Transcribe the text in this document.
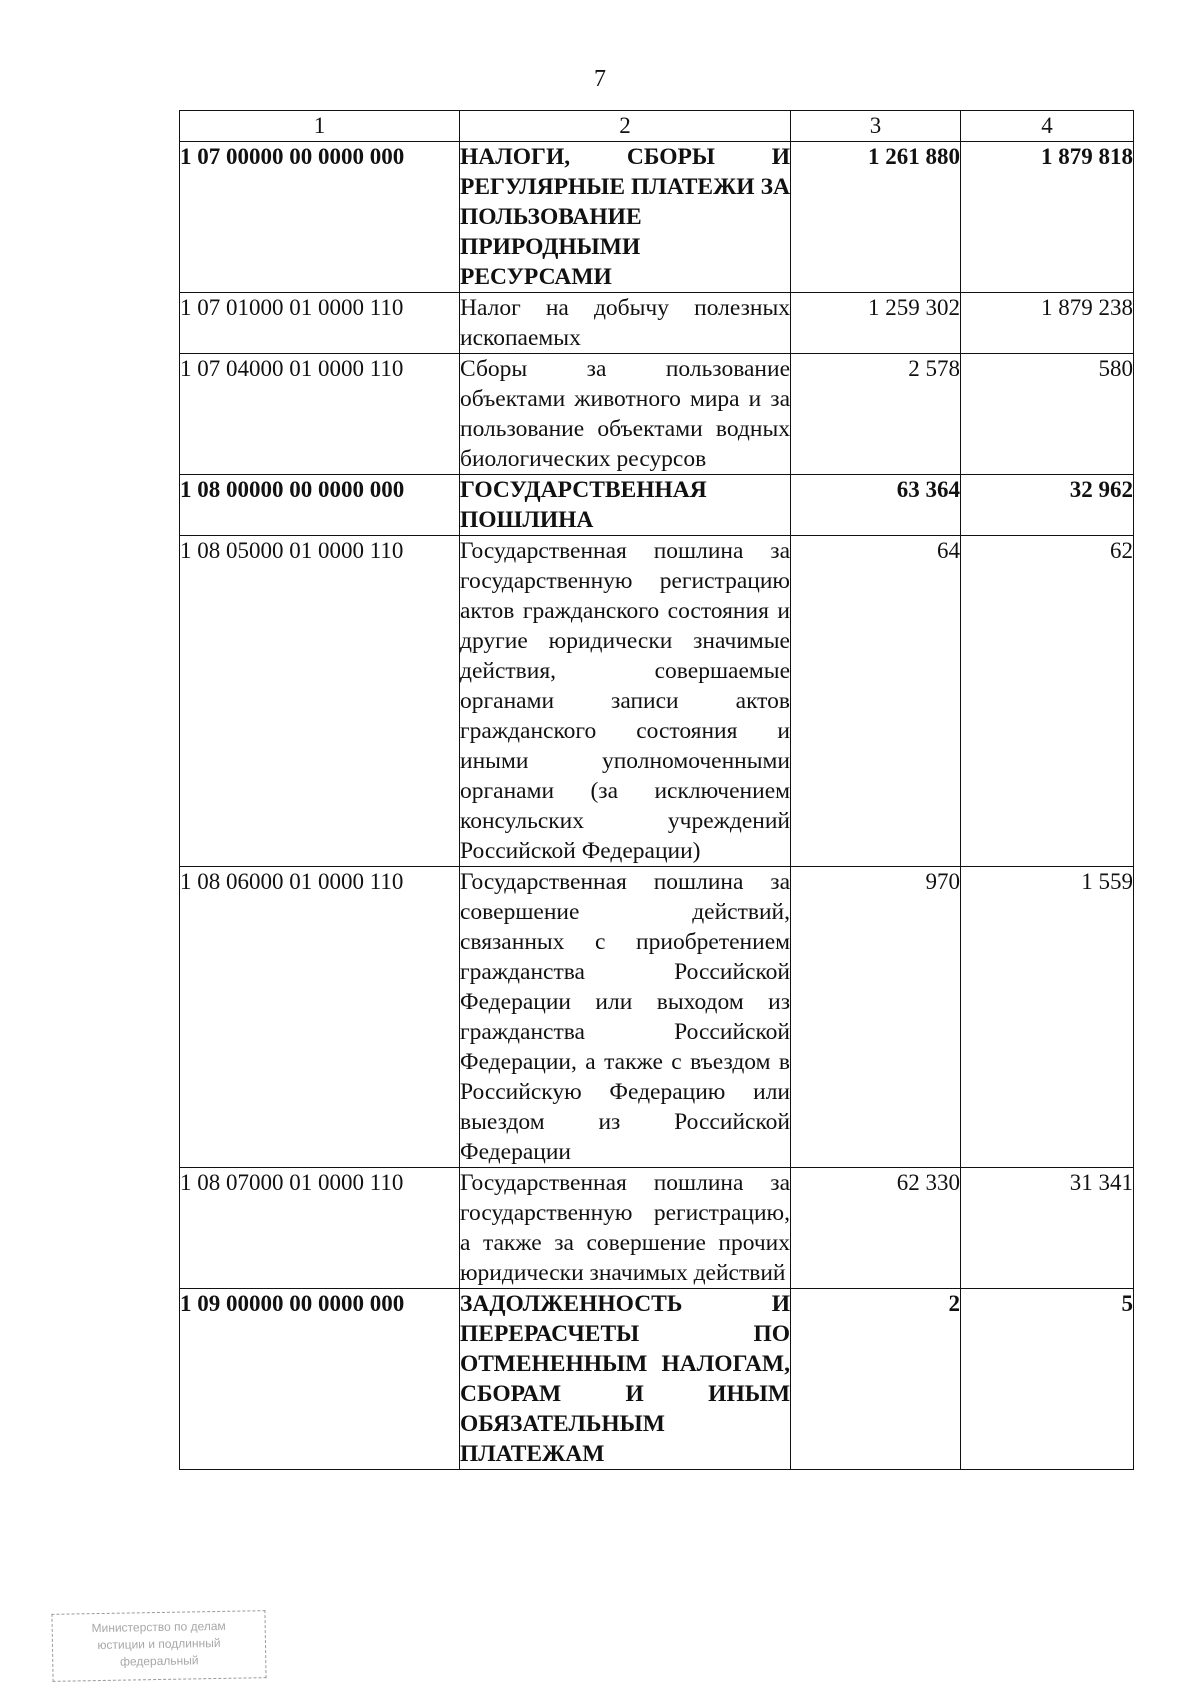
7
1	2	3	4
1 07 00000 00 0000 000	НАЛОГИ, СБОРЫ И РЕГУЛЯРНЫЕ ПЛАТЕЖИ ЗА ПОЛЬЗОВАНИЕ ПРИРОДНЫМИ РЕСУРСАМИ	1 261 880	1 879 818
1 07 01000 01 0000 110	Налог на добычу полезных ископаемых	1 259 302	1 879 238
1 07 04000 01 0000 110	Сборы за пользование объектами животного мира и за пользование объектами водных биологических ресурсов	2 578	580
1 08 00000 00 0000 000	ГОСУДАРСТВЕННАЯ ПОШЛИНА	63 364	32 962
1 08 05000 01 0000 110	Государственная пошлина за государственную регистрацию актов гражданского состояния и другие юридически значимые действия, совершаемые органами записи актов гражданского состояния и иными уполномоченными органами (за исключением консульских учреждений Российской Федерации)	64	62
1 08 06000 01 0000 110	Государственная пошлина за совершение действий, связанных с приобретением гражданства Российской Федерации или выходом из гражданства Российской Федерации, а также с въездом в Российскую Федерацию или выездом из Российской Федерации	970	1 559
1 08 07000 01 0000 110	Государственная пошлина за государственную регистрацию, а также за совершение прочих юридически значимых действий	62 330	31 341
1 09 00000 00 0000 000	ЗАДОЛЖЕННОСТЬ И ПЕРЕРАСЧЕТЫ ПО ОТМЕНЕННЫМ НАЛОГАМ, СБОРАМ И ИНЫМ ОБЯЗАТЕЛЬНЫМ ПЛАТЕЖАМ	2	5
Министерство по делам
юстиции и подлинный
федеральный
